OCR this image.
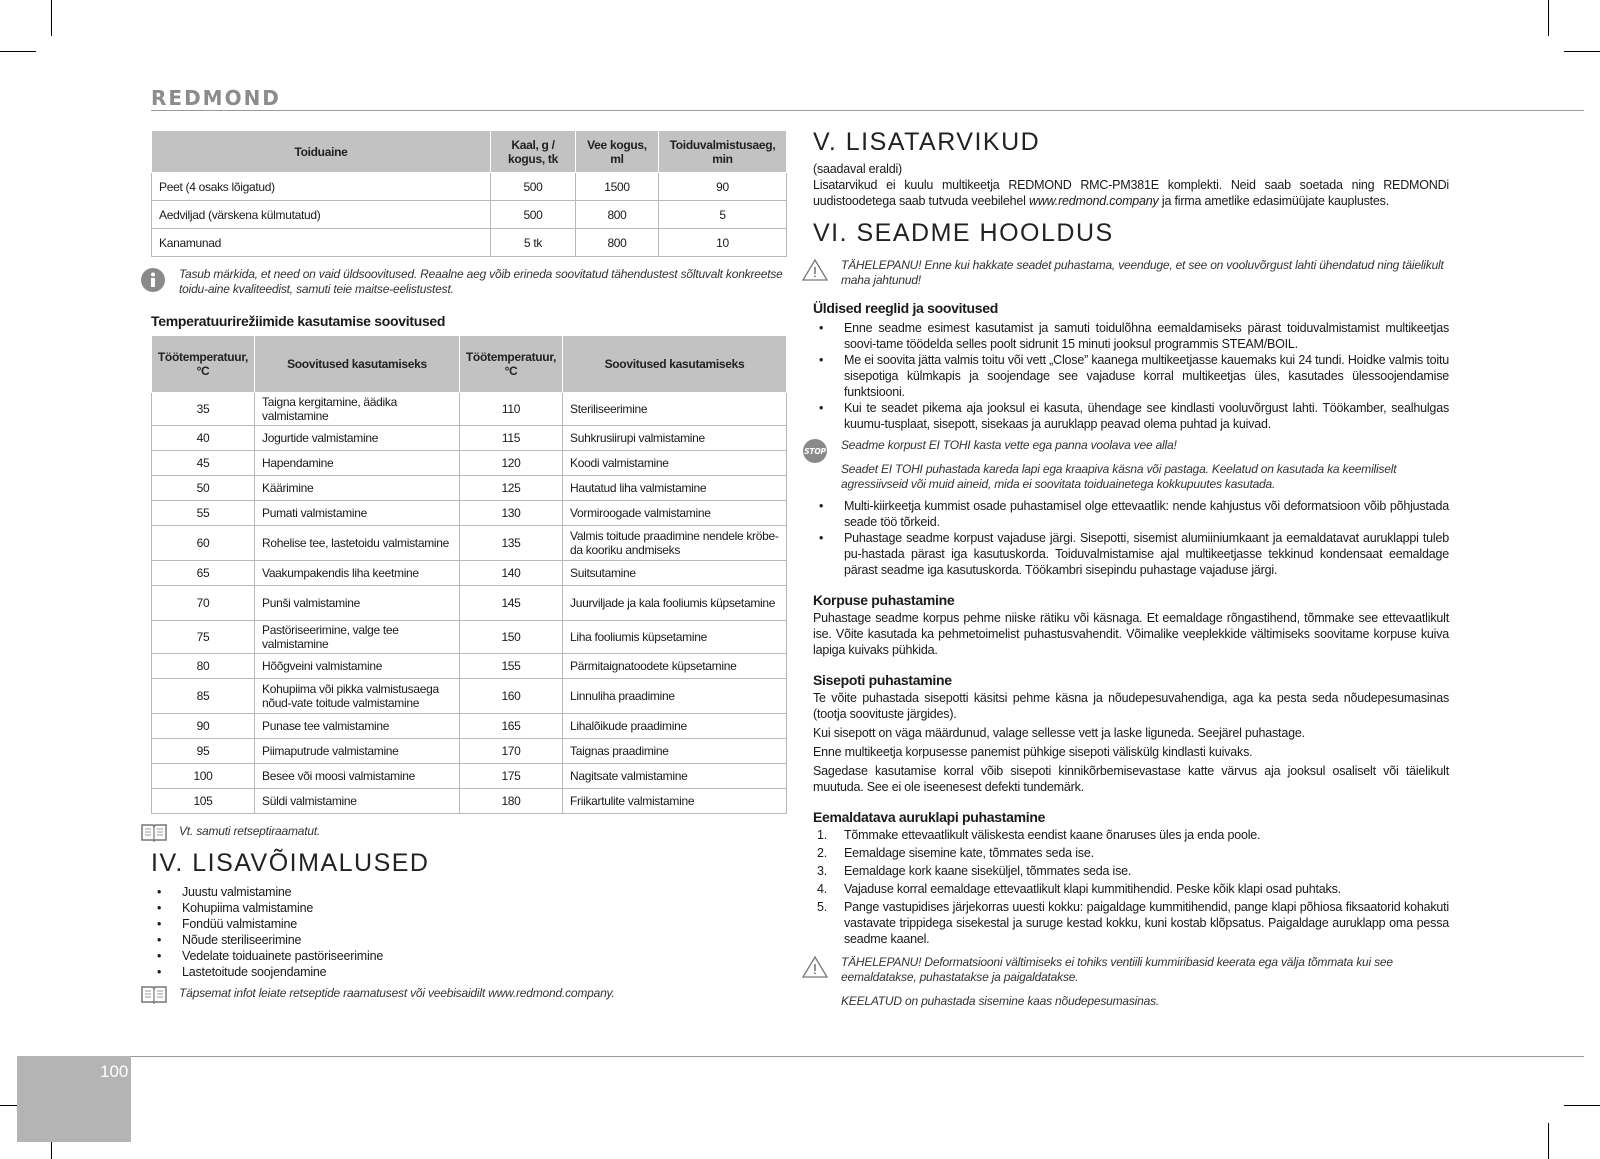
REDMOND
Toiduaine	Kaal, g / kogus, tk	Vee kogus, ml	Toiduvalmistusaeg, min
Peet (4 osaks lõigatud)	500	1500	90
Aedviljad (värskena külmutatud)	500	800	5
Kanamunad	5 tk	800	10
Tasub märkida, et need on vaid üldsoovitused. Reaalne aeg võib erineda soovitatud tähendustest sõltuvalt konkreetse toidu-aine kvaliteedist, samuti teie maitse-eelistustest.
Temperatuurirežiimide kasutamise soovitused
Töötemperatuur, °C	Soovitused kasutamiseks	Töötemperatuur, °C	Soovitused kasutamiseks
35	Taigna kergitamine, äädika valmistamine	110	Steriliseerimine
40	Jogurtide valmistamine	115	Suhkrusiirupi valmistamine
45	Hapendamine	120	Koodi valmistamine
50	Käärimine	125	Hautatud liha valmistamine
55	Pumati valmistamine	130	Vormiroogade valmistamine
60	Rohelise tee, lastetoidu valmistamine	135	Valmis toitude praadimine nendele kröbe-da kooriku andmiseks
65	Vaakumpakendis liha keetmine	140	Suitsutamine
70	Punši valmistamine	145	Juurviljade ja kala fooliumis küpsetamine
75	Pastöriseerimine, valge tee valmistamine	150	Liha fooliumis küpsetamine
80	Hõõgveini valmistamine	155	Pärmitaignatoodete küpsetamine
85	Kohupiima või pikka valmistusaega nõud-vate toitude valmistamine	160	Linnuliha praadimine
90	Punase tee valmistamine	165	Lihalõikude praadimine
95	Piimaputrude valmistamine	170	Taignas praadimine
100	Besee või moosi valmistamine	175	Nagitsate valmistamine
105	Süldi valmistamine	180	Friikartulite valmistamine
Vt. samuti retseptiraamatut.
IV. LISAVÕIMALUSED
• Juustu valmistamine
• Kohupiima valmistamine
• Fondüü valmistamine
• Nõude steriliseerimine
• Vedelate toiduainete pastöriseerimine
• Lastetoitude soojendamine
Täpsemat infot leiate retseptide raamatusest või veebisaidilt www.redmond.company.
V. LISATARVIKUD
(saadaval eraldi)
Lisatarvikud ei kuulu multikeetja REDMOND RMC-PM381E komplekti. Neid saab soetada ning REDMONDi uudistoodetega saab tutvuda veebilehel www.redmond.company ja firma ametlike edasimüüjate kauplustes.
VI. SEADME HOOLDUS
TÄHELEPANU! Enne kui hakkate seadet puhastama, veenduge, et see on vooluvõrgust lahti ühendatud ning täielikult maha jahtunud!
Üldised reeglid ja soovitused
• Enne seadme esimest kasutamist ja samuti toidulõhna eemaldamiseks pärast toiduvalmistamist multikeetjas soovi-tame töödelda selles poolt sidrunit 15 minuti jooksul programmis STEAM/BOIL.
• Me ei soovita jätta valmis toitu või vett „Close” kaanega multikeetjasse kauemaks kui 24 tundi. Hoidke valmis toitu sisepotiga külmkapis ja soojendage see vajaduse korral multikeetjas üles, kasutades ülessoojendamise funktsiooni.
• Kui te seadet pikema aja jooksul ei kasuta, ühendage see kindlasti vooluvõrgust lahti. Töökamber, sealhulgas kuumu-tusplaat, sisepott, sisekaas ja auruklapp peavad olema puhtad ja kuivad.
STOP Seadme korpust EI TOHI kasta vette ega panna voolava vee alla!
Seadet EI TOHI puhastada kareda lapi ega kraapiva käsna või pastaga. Keelatud on kasutada ka keemiliselt agressiivseid või muid aineid, mida ei soovitata toiduainetega kokkupuutes kasutada.
• Multi-kiirkeetja kummist osade puhastamisel olge ettevaatlik: nende kahjustus või deformatsioon võib põhjustada seade töö tõrkeid.
• Puhastage seadme korpust vajaduse järgi. Sisepotti, sisemist alumiiniumkaant ja eemaldatavat auruklappi tuleb pu-hastada pärast iga kasutuskorda. Toiduvalmistamise ajal multikeetjasse tekkinud kondensaat eemaldage pärast seadme iga kasutuskorda. Töökambri sisepindu puhastage vajaduse järgi.
Korpuse puhastamine
Puhastage seadme korpus pehme niiske rätiku või käsnaga. Et eemaldage rõngastihend, tõmmake see ettevaatlikult ise. Võite kasutada ka pehmetoimelist puhastusvahendit. Võimalike veeplekkide vältimiseks soovitame korpuse kuiva lapiga kuivaks pühkida.
Sisepoti puhastamine
Te võite puhastada sisepotti käsitsi pehme käsna ja nõudepesuvahendiga, aga ka pesta seda nõudepesumasinas (tootja soovituste järgides).
Kui sisepott on väga määrdunud, valage sellesse vett ja laske liguneda. Seejärel puhastage.
Enne multikeetja korpusesse panemist pühkige sisepoti väliskülg kindlasti kuivaks.
Sagedase kasutamise korral võib sisepoti kinnikõrbemisevastase katte värvus aja jooksul osaliselt või täielikult muutuda. See ei ole iseenesest defekti tundemärk.
Eemaldatava auruklapi puhastamine
1. Tõmmake ettevaatlikult väliskesta eendist kaane õnaruses üles ja enda poole.
2. Eemaldage sisemine kate, tõmmates seda ise.
3. Eemaldage kork kaane siseküljel, tõmmates seda ise.
4. Vajaduse korral eemaldage ettevaatlikult klapi kummitihendid. Peske kõik klapi osad puhtaks.
5. Pange vastupidises järjekorras uuesti kokku: paigaldage kummitihendid, pange klapi põhiosa fiksaatorid kohakuti vastavate trippidega sisekestal ja suruge kestad kokku, kuni kostab klõpsatus. Paigaldage auruklapp oma pessa seadme kaanel.
TÄHELEPANU! Deformatsiooni vältimiseks ei tohiks ventiili kummiribasid keerata ega välja tõmmata kui see eemaldatakse, puhastatakse ja paigaldatakse.
KEELATUD on puhastada sisemine kaas nõudepesumasinas.
100
